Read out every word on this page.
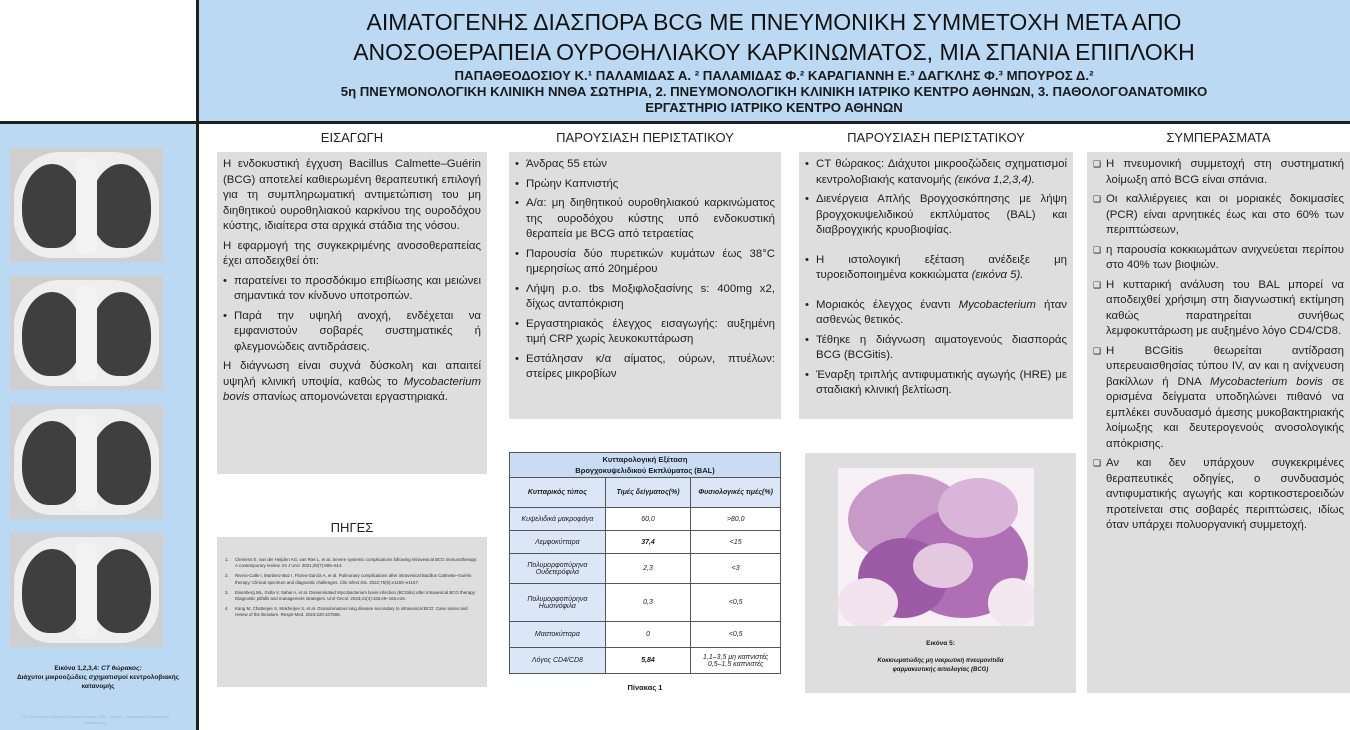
ΑΙΜΑΤΟΓΕΝΗΣ ΔΙΑΣΠΟΡΑ BCG ΜΕ ΠΝΕΥΜΟΝΙΚΗ ΣΥΜΜΕΤΟΧΗ ΜΕΤΑ ΑΠΟ
ΑΝΟΣΟΘΕΡΑΠΕΙΑ ΟΥΡΟΘΗΛΙΑΚΟΥ ΚΑΡΚΙΝΩΜΑΤΟΣ, ΜΙΑ ΣΠΑΝΙΑ ΕΠΙΠΛΟΚΗ
ΠΑΠΑΘΕΟΔΟΣΙΟΥ Κ.¹ ΠΑΛΑΜΙΔΑΣ Α. ² ΠΑΛΑΜΙΔΑΣ Φ.² ΚΑΡΑΓΙΑΝΝΗ Ε.³ ΔΑΓΚΛΗΣ Φ.³ ΜΠΟΥΡΟΣ Δ.²
5η ΠΝΕΥΜΟΝΟΛΟΓΙΚΗ ΚΛΙΝΙΚΗ ΝΝΘΑ ΣΩΤΗΡΙΑ, 2. ΠΝΕΥΜΟΝΟΛΟΓΙΚΗ ΚΛΙΝΙΚΗ ΙΑΤΡΙΚΟ ΚΕΝΤΡΟ ΑΘΗΝΩΝ, 3. ΠΑΘΟΛΟΓΟΑΝΑΤΟΜΙΚΟ
ΕΡΓΑΣΤΗΡΙΟ ΙΑΤΡΙΚΟ ΚΕΝΤΡΟ ΑΘΗΝΩΝ
Εικόνα 1,2,3,4: CT θώρακος:
Διάχυτοι μικροοζώδεις σχηματισμοί κεντρολοβιακής κατανομής
12ο Πανελλήνιο Συνέδριο Πνευμονολογίας 2024 · Αθήνα · Ηλεκτρονική Αναρτημένη Ανακοίνωση
ΕΙΣΑΓΩΓΗ	ΠΑΡΟΥΣΙΑΣΗ ΠΕΡΙΣΤΑΤΙΚΟΥ	ΠΑΡΟΥΣΙΑΣΗ ΠΕΡΙΣΤΑΤΙΚΟΥ	ΣΥΜΠΕΡΑΣΜΑΤΑ
ΠΗΓΕΣ

Η ενδοκυστική έγχυση Bacillus Calmette–Guérin (BCG) αποτελεί καθιερωμένη θεραπευτική επιλογή για τη συμπληρωματική αντιμετώπιση του μη διηθητικού ουροθηλιακού καρκίνου της ουροδόχου κύστης, ιδιαίτερα στα αρχικά στάδια της νόσου.

Η εφαρμογή της συγκεκριμένης ανοσοθεραπείας έχει αποδειχθεί ότι:

• παρατείνει το προσδόκιμο επιβίωσης και μειώνει σημαντικά τον κίνδυνο υποτροπών.
• Παρά την υψηλή ανοχή, ενδέχεται να εμφανιστούν σοβαρές συστηματικές ή φλεγμονώδεις αντιδράσεις.

Η διάγνωση είναι συχνά δύσκολη και απαιτεί υψηλή κλινική υποψία, καθώς το Mycobacterium bovis σπανίως απομονώνεται εργαστηριακά.

1. Clemens E, van der Heijden AG, van Riet L, et al. Severe systemic complications following intravesical BCG immunotherapy: A contemporary review. Int J Urol. 2021;28(7):606–614.
2. Rivero-Calle I, Martinez-Baz I, Flores-García A, et al. Pulmonary complications after intravesical Bacillus Calmette–Guérin therapy: Clinical spectrum and diagnostic challenges. Clin Infect Dis. 2022;75(5):e1150–e1157.
3. Eisenberg ML, Golla V, Sahai A, et al. Disseminated Mycobacterium bovis infection (BCGitis) after intravesical BCG therapy: Diagnostic pitfalls and management strategies. Urol Oncol. 2023;41(4):163.e9–163.e15.
4. Kang M, Chatterjee S, Mukherjee S, et al. Granulomatous lung disease secondary to intravesical BCG: Case series and review of the literature. Respir Med. 2024;220:107655.
• Άνδρας 55 ετών
• Πρώην Καπνιστής
• Α/α: μη διηθητικού ουροθηλιακού καρκινώματος της ουροδόχου κύστης υπό ενδοκυστική θεραπεία με BCG από τετραετίας
• Παρουσία δύο πυρετικών κυμάτων έως 38°C ημερησίως από 20ημέρου
• Λήψη p.o. tbs Μοξιφλοξασίνης s: 400mg x2, δίχως ανταπόκριση
• Εργαστηριακός έλεγχος εισαγωγής: αυξημένη τιμή CRP χωρίς λευκοκυττάρωση
• Εστάλησαν κ/α αίματος, ούρων, πτυέλων: στείρες μικροβίων
• CT θώρακος: Διάχυτοι μικροοζώδεις σχηματισμοί κεντρολοβιακής κατανομής (εικόνα 1,2,3,4).
• Διενέργεια Απλής Βρογχοσκόπησης με λήψη βρογχοκυψελιδικού εκπλύματος (BAL) και διαβρογχικής κρυοβιοψίας.
• Η ιστολογική εξέταση ανέδειξε μη τυροειδοποιημένα κοκκιώματα (εικόνα 5).
• Μοριακός έλεγχος έναντι Mycobacterium ήταν ασθενώς θετικός.
• Τέθηκε η διάγνωση αιματογενούς διασποράς BCG (BCGitis).
• Έναρξη τριπλής αντιφυματικής αγωγής (HRE) με σταδιακή κλινική βελτίωση.
Κυτταρολογική Εξέταση
Βρογχοκυψελιδικού Εκπλύματος (BAL)		
Κυτταρικός τύπος	Τιμές δείγματος(%)	Φυσιολογικές τιμές(%)
Κυψελιδικά μακροφάγα	60,0	>80,0
Λεμφοκύτταρα	37,4	<15
Πολυμορφοπύρηνα Ουδετερόφιλα	2,3	<3
Πολυμορφοπύρηνα Ηωσινόφιλα	0,3	<0,5
Μαστοκύτταρα	0	<0,5
Λόγος CD4/CD8	5,84	1,1–3,5 μη καπνιστές
0,5–1,5 καπνιστές
Πίνακας 1
Εικόνα 5:
Κοκκιωματώδης μη νεκρωτική πνευμονίτιδα
φαρμακευτικής αιτιολογίας (BCG)
❑ Η πνευμονική συμμετοχή στη συστηματική λοίμωξη από BCG είναι σπάνια.
❑ Οι καλλιέργειες και οι μοριακές δοκιμασίες (PCR) είναι αρνητικές έως και στο 60% των περιπτώσεων,
❑ η παρουσία κοκκιωμάτων ανιχνεύεται περίπου στο 40% των βιοψιών.
❑ Η κυτταρική ανάλυση του BAL μπορεί να αποδειχθεί χρήσιμη στη διαγνωστική εκτίμηση καθώς παρατηρείται συνήθως λεμφοκυττάρωση με αυξημένο λόγο CD4/CD8.
❑ Η BCGitis θεωρείται αντίδραση υπερευαισθησίας τύπου IV, αν και η ανίχνευση βακίλλων ή DNA Mycobacterium bovis σε ορισμένα δείγματα υποδηλώνει πιθανό να εμπλέκει συνδυασμό άμεσης μυκοβακτηριακής λοίμωξης και δευτερογενούς ανοσολογικής απόκρισης.
❑ Αν και δεν υπάρχουν συγκεκριμένες θεραπευτικές οδηγίες, ο συνδυασμός αντιφυματικής αγωγής και κορτικοστεροειδών προτείνεται στις σοβαρές περιπτώσεις, ιδίως όταν υπάρχει πολυοργανική συμμετοχή.
